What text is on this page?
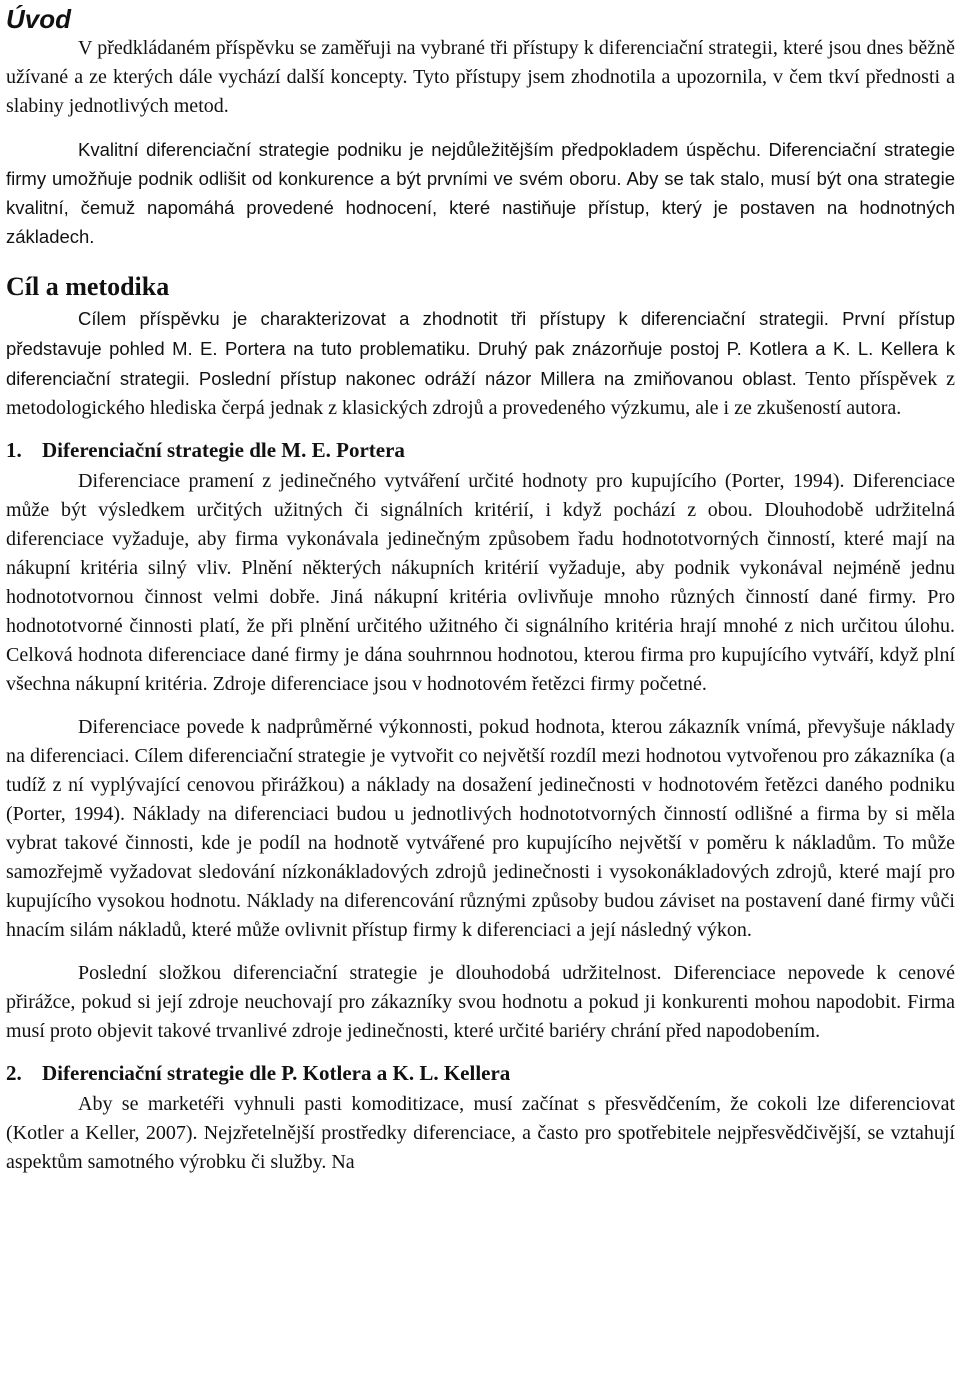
Úvod

V předkládaném příspěvku se zaměřuji na vybrané tři přístupy k diferenciační strategii, které jsou dnes běžně užívané a ze kterých dále vychází další koncepty. Tyto přístupy jsem zhodnotila a upozornila, v čem tkví přednosti a slabiny jednotlivých metod.

Kvalitní diferenciační strategie podniku je nejdůležitějším předpokladem úspěchu. Diferenciační strategie firmy umožňuje podnik odlišit od konkurence a být prvními ve svém oboru. Aby se tak stalo, musí být ona strategie kvalitní, čemuž napomáhá provedené hodnocení, které nastiňuje přístup, který je postaven na hodnotných základech.

Cíl a metodika

Cílem příspěvku je charakterizovat a zhodnotit tři přístupy k diferenciační strategii. První přístup představuje pohled M. E. Portera na tuto problematiku. Druhý pak znázorňuje postoj P. Kotlera a K. L. Kellera k diferenciační strategii. Poslední přístup nakonec odráží názor Millera na zmiňovanou oblast. Tento příspěvek z metodologického hlediska čerpá jednak z klasických zdrojů a provedeného výzkumu, ale i ze zkušeností autora.

1. Diferenciační strategie dle M. E. Portera

Diferenciace pramení z jedinečného vytváření určité hodnoty pro kupujícího (Porter, 1994). Diferenciace může být výsledkem určitých užitných či signálních kritérií, i když pochází z obou. Dlouhodobě udržitelná diferenciace vyžaduje, aby firma vykonávala jedinečným způsobem řadu hodnototvorných činností, které mají na nákupní kritéria silný vliv. Plnění některých nákupních kritérií vyžaduje, aby podnik vykonával nejméně jednu hodnototvornou činnost velmi dobře. Jiná nákupní kritéria ovlivňuje mnoho různých činností dané firmy. Pro hodnototvorné činnosti platí, že při plnění určitého užitného či signálního kritéria hrají mnohé z nich určitou úlohu. Celková hodnota diferenciace dané firmy je dána souhrnnou hodnotou, kterou firma pro kupujícího vytváří, když plní všechna nákupní kritéria. Zdroje diferenciace jsou v hodnotovém řetězci firmy početné.

Diferenciace povede k nadprůměrné výkonnosti, pokud hodnota, kterou zákazník vnímá, převyšuje náklady na diferenciaci. Cílem diferenciační strategie je vytvořit co největší rozdíl mezi hodnotou vytvořenou pro zákazníka (a tudíž z ní vyplývající cenovou přirážkou) a náklady na dosažení jedinečnosti v hodnotovém řetězci daného podniku (Porter, 1994). Náklady na diferenciaci budou u jednotlivých hodnototvorných činností odlišné a firma by si měla vybrat takové činnosti, kde je podíl na hodnotě vytvářené pro kupujícího největší v poměru k nákladům. To může samozřejmě vyžadovat sledování nízkonákladových zdrojů jedinečnosti i vysokonákladových zdrojů, které mají pro kupujícího vysokou hodnotu. Náklady na diferencování různými způsoby budou záviset na postavení dané firmy vůči hnacím silám nákladů, které může ovlivnit přístup firmy k diferenciaci a její následný výkon.

Poslední složkou diferenciační strategie je dlouhodobá udržitelnost. Diferenciace nepovede k cenové přirážce, pokud si její zdroje neuchovají pro zákazníky svou hodnotu a pokud ji konkurenti mohou napodobit. Firma musí proto objevit takové trvanlivé zdroje jedinečnosti, které určité bariéry chrání před napodobením.

2. Diferenciační strategie dle P. Kotlera a K. L. Kellera

Aby se marketéři vyhnuli pasti komoditizace, musí začínat s přesvědčením, že cokoli lze diferenciovat (Kotler a Keller, 2007). Nejzřetelnější prostředky diferenciace, a často pro spotřebitele nejpřesvědčivější, se vztahují aspektům samotného výrobku či služby. Na
